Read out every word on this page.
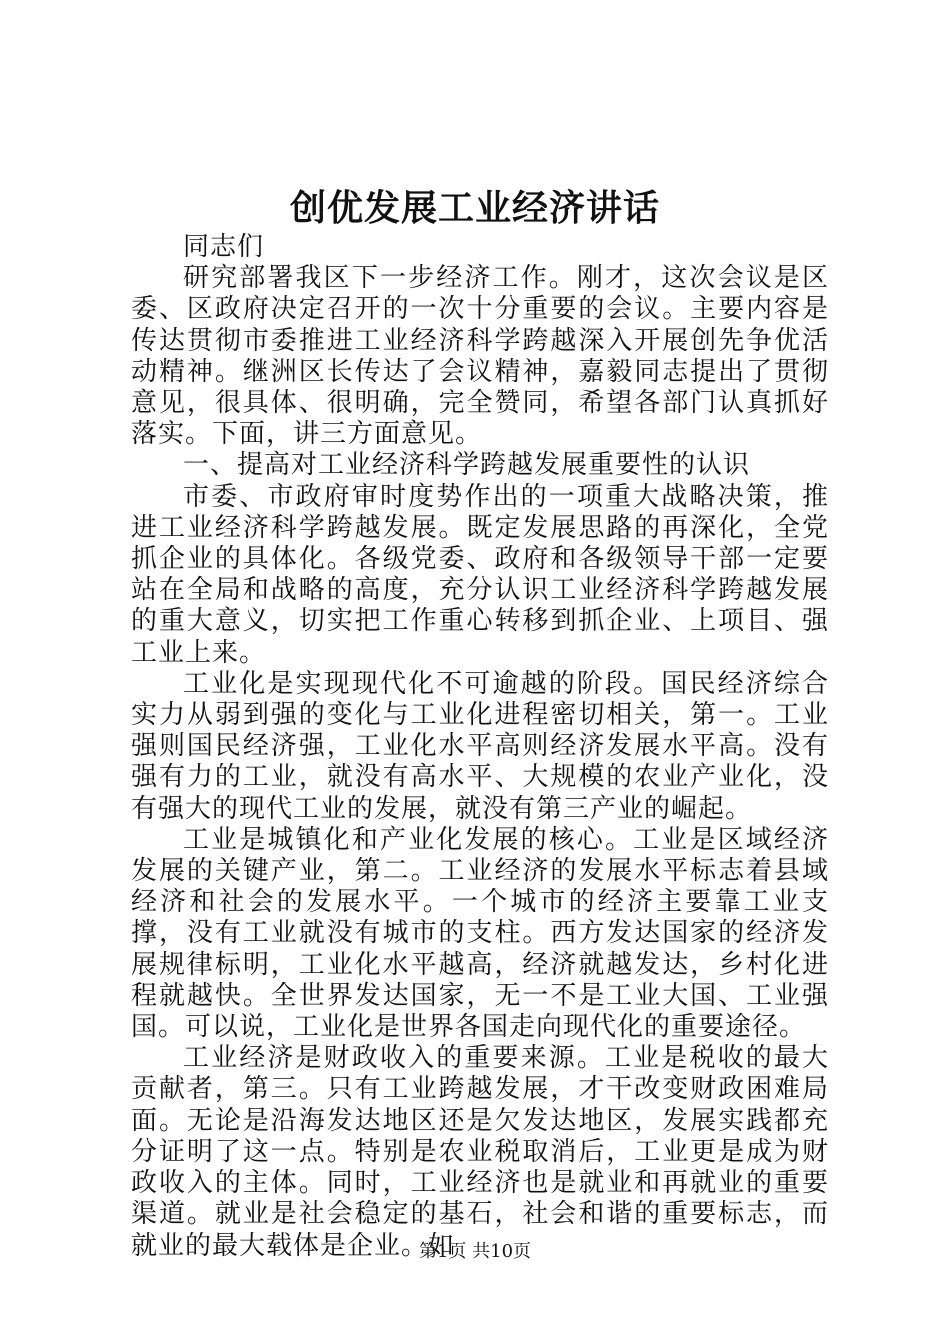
创优发展工业经济讲话

同志们

研究部署我区下一步经济工作。刚才，这次会议是区委、区政府决定召开的一次十分重要的会议。主要内容是传达贯彻市委推进工业经济科学跨越深入开展创先争优活动精神。继洲区长传达了会议精神，嘉毅同志提出了贯彻意见，很具体、很明确，完全赞同，希望各部门认真抓好落实。下面，讲三方面意见。

一、提高对工业经济科学跨越发展重要性的认识

市委、市政府审时度势作出的一项重大战略决策，推进工业经济科学跨越发展。既定发展思路的再深化，全党抓企业的具体化。各级党委、政府和各级领导干部一定要站在全局和战略的高度，充分认识工业经济科学跨越发展的重大意义，切实把工作重心转移到抓企业、上项目、强工业上来。

工业化是实现现代化不可逾越的阶段。国民经济综合实力从弱到强的变化与工业化进程密切相关，第一。工业强则国民经济强，工业化水平高则经济发展水平高。没有强有力的工业，就没有高水平、大规模的农业产业化，没有强大的现代工业的发展，就没有第三产业的崛起。

工业是城镇化和产业化发展的核心。工业是区域经济发展的关键产业，第二。工业经济的发展水平标志着县域经济和社会的发展水平。一个城市的经济主要靠工业支撑，没有工业就没有城市的支柱。西方发达国家的经济发展规律标明，工业化水平越高，经济就越发达，乡村化进程就越快。全世界发达国家，无一不是工业大国、工业强国。可以说，工业化是世界各国走向现代化的重要途径。

工业经济是财政收入的重要来源。工业是税收的最大贡献者，第三。只有工业跨越发展，才干改变财政困难局面。无论是沿海发达地区还是欠发达地区，发展实践都充分证明了这一点。特别是农业税取消后，工业更是成为财政收入的主体。同时，工业经济也是就业和再就业的重要渠道。就业是社会稳定的基石，社会和谐的重要标志，而就业的最大载体是企业。如

第1页 共10页
